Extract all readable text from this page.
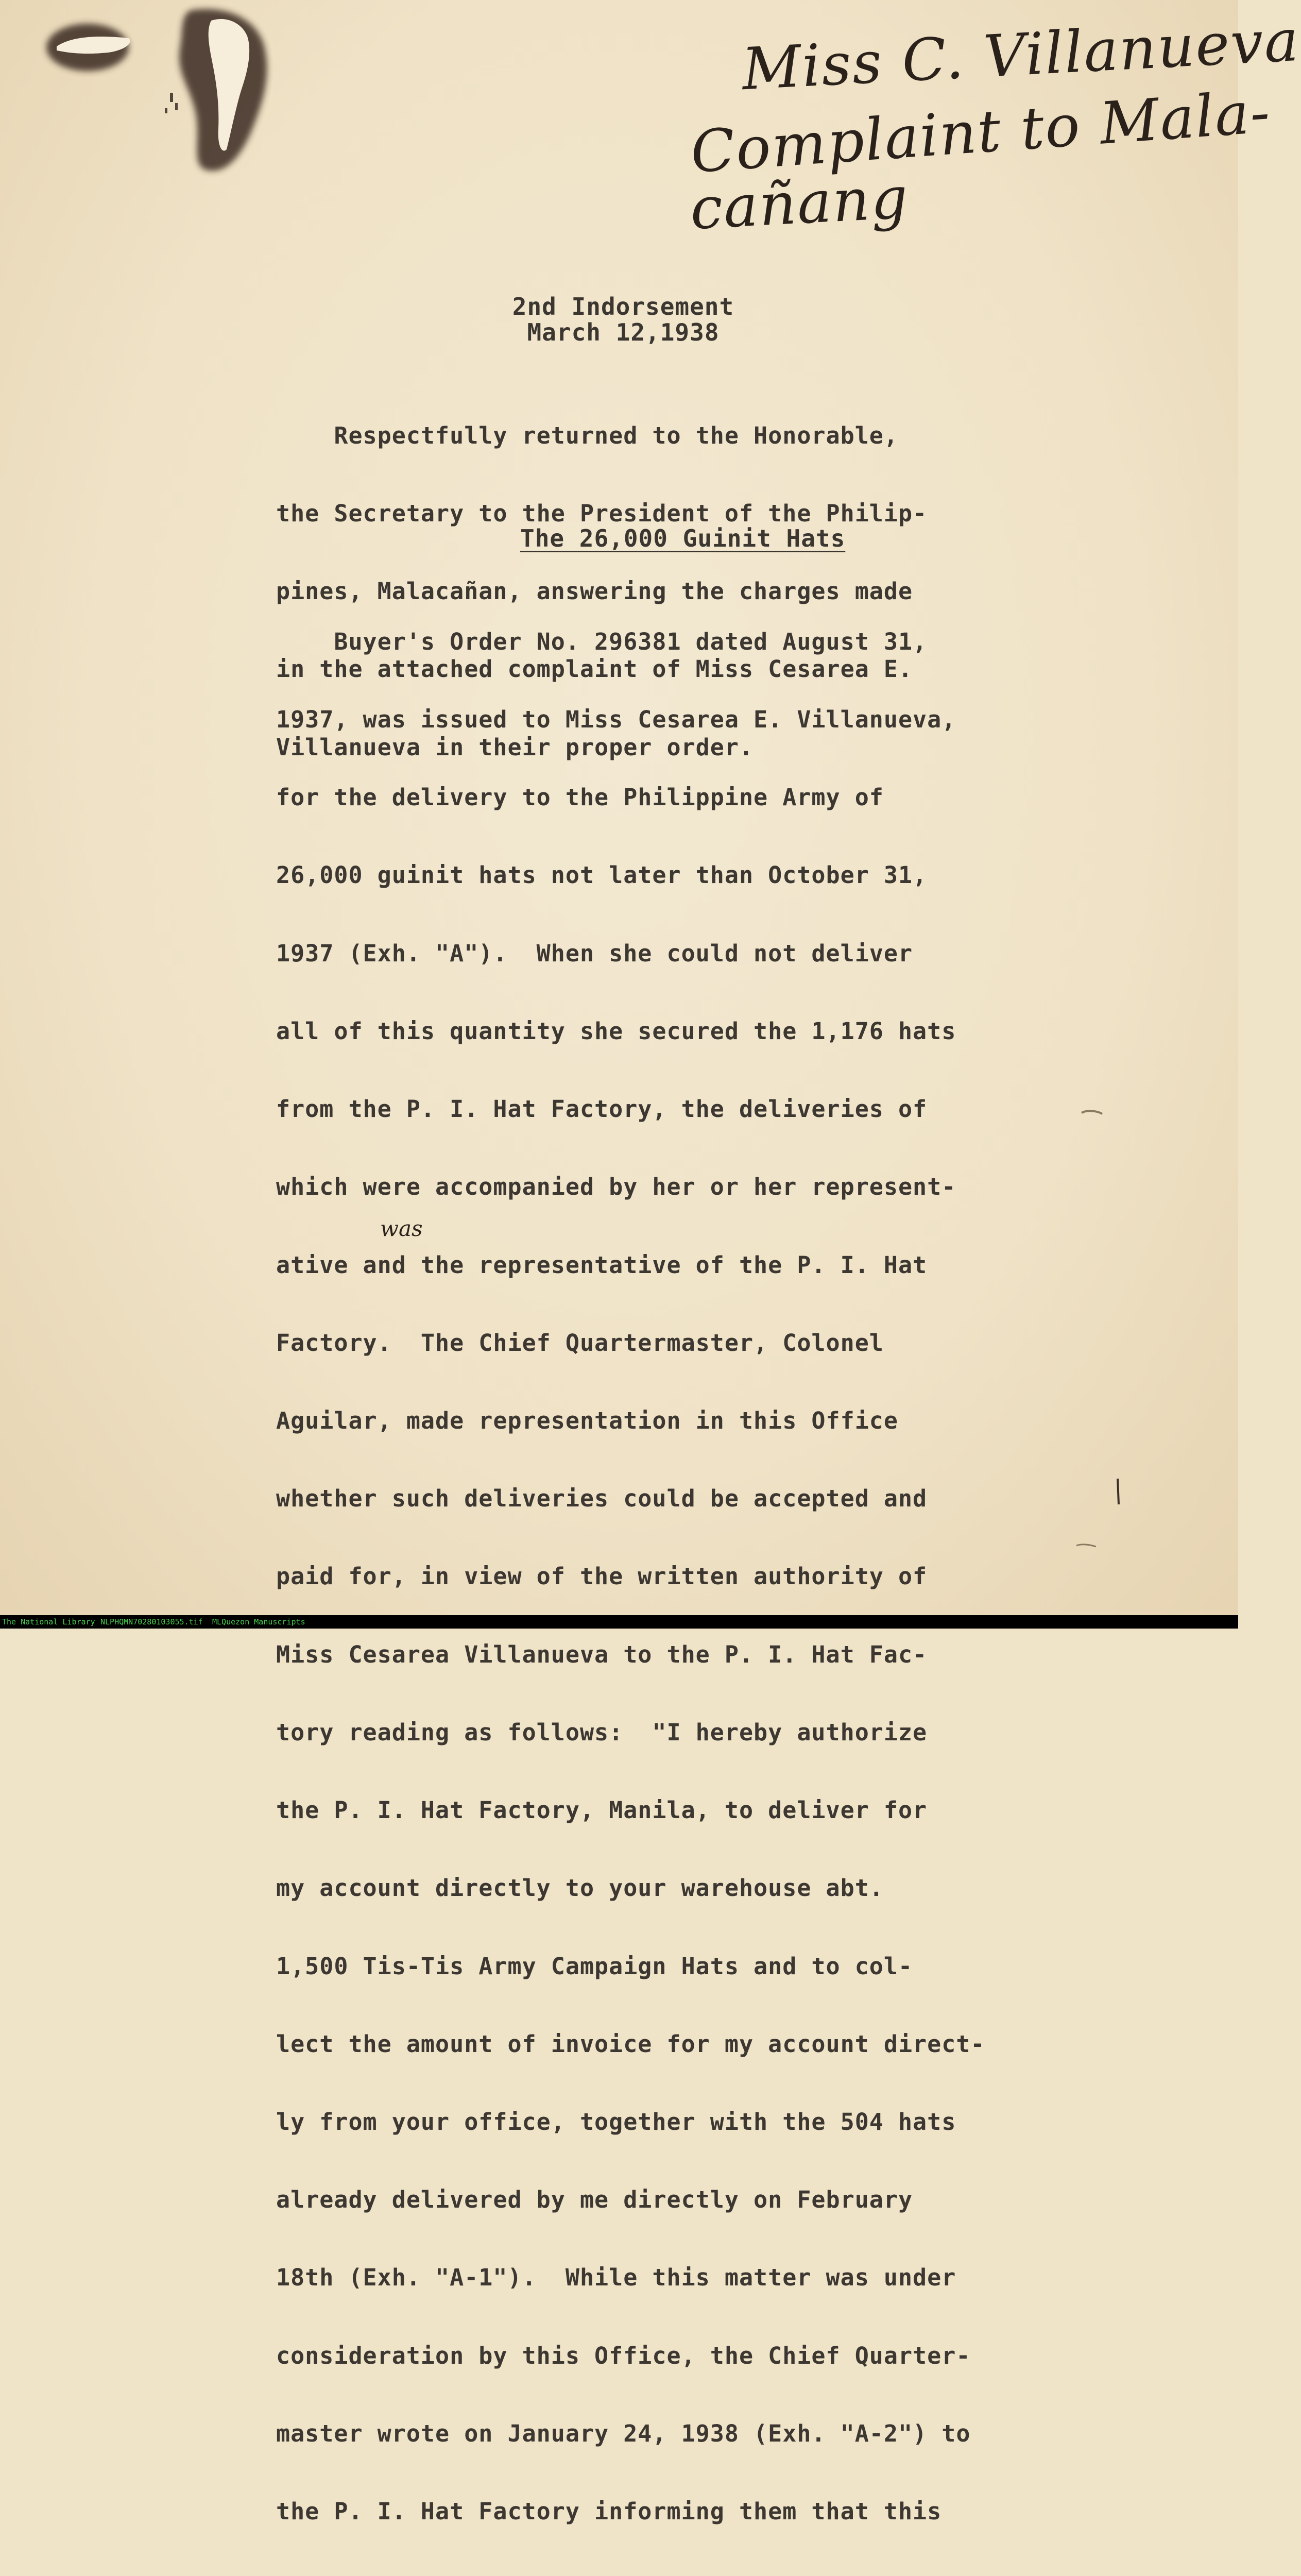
Miss C. Villanueva
Complaint to Mala-
cañang
2nd Indorsement
March 12,1938

Respectfully returned to the Honorable,

the Secretary to the President of the Philip-

pines, Malacañan, answering the charges made

in the attached complaint of Miss Cesarea E.

Villanueva in their proper order.

The 26,000 Guinit Hats

Buyer's Order No. 296381 dated August 31,

1937, was issued to Miss Cesarea E. Villanueva,

for the delivery to the Philippine Army of

26,000 guinit hats not later than October 31,

1937 (Exh. "A").  When she could not deliver

all of this quantity she secured the 1,176 hats

from the P. I. Hat Factory, the deliveries of

which were accompanied by her or her represent-

ative and the representative of the P. I. Hat

Factory.  The Chief Quartermaster, Colonel

Aguilar, made representation in this Office

whether such deliveries could be accepted and

paid for, in view of the written authority of

Miss Cesarea Villanueva to the P. I. Hat Fac-

tory reading as follows:  "I hereby authorize

the P. I. Hat Factory, Manila, to deliver for

my account directly to your warehouse abt.

1,500 Tis-Tis Army Campaign Hats and to col-

lect the amount of invoice for my account direct-

ly from your office, together with the 504 hats

already delivered by me directly on February

18th (Exh. "A-1").  While this matter was under

consideration by this Office, the Chief Quarter-

master wrote on January 24, 1938 (Exh. "A-2") to

the P. I. Hat Factory informing them that this

was
The National Library NLPHQMN70280103055.tif MLQuezon Manuscripts
